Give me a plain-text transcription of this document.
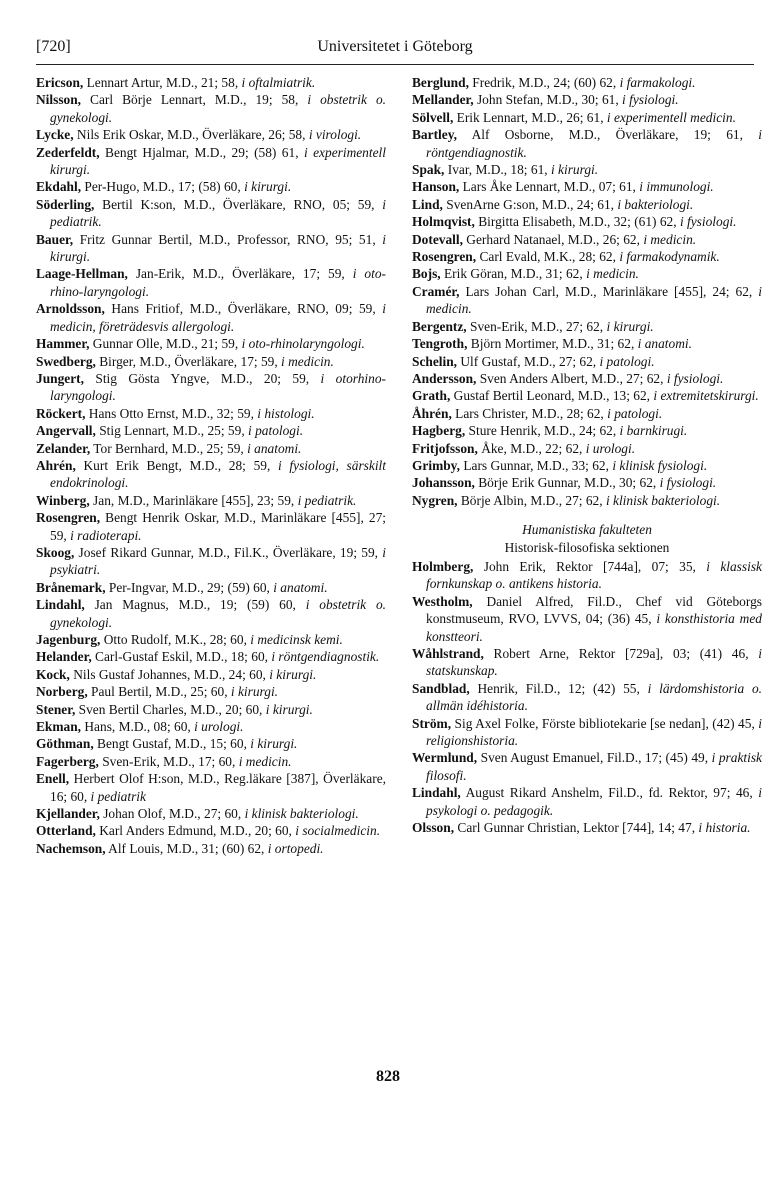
[720]	Universitetet i Göteborg

Ericson, Lennart Artur, M.D., 21; 58, i oftalmiatrik.

Nilsson, Carl Börje Lennart, M.D., 19; 58, i obstetrik o. gynekologi.

Lycke, Nils Erik Oskar, M.D., Överläkare, 26; 58, i virologi.

Zederfeldt, Bengt Hjalmar, M.D., 29; (58) 61, i experimentell kirurgi.

Ekdahl, Per-Hugo, M.D., 17; (58) 60, i kirurgi.

Söderling, Bertil K:son, M.D., Överläkare, RNO, 05; 59, i pediatrik.

Bauer, Fritz Gunnar Bertil, M.D., Professor, RNO, 95; 51, i kirurgi.

Laage-Hellman, Jan-Erik, M.D., Överläkare, 17; 59, i oto-rhino-laryngologi.

Arnoldsson, Hans Fritiof, M.D., Överläkare, RNO, 09; 59, i medicin, företrädesvis allergologi.

Hammer, Gunnar Olle, M.D., 21; 59, i oto-rhinolaryngologi.

Swedberg, Birger, M.D., Överläkare, 17; 59, i medicin.

Jungert, Stig Gösta Yngve, M.D., 20; 59, i otorhino-laryngologi.

Röckert, Hans Otto Ernst, M.D., 32; 59, i histologi.

Angervall, Stig Lennart, M.D., 25; 59, i patologi.

Zelander, Tor Bernhard, M.D., 25; 59, i anatomi.

Ahrén, Kurt Erik Bengt, M.D., 28; 59, i fysiologi, särskilt endokrinologi.

Winberg, Jan, M.D., Marinläkare [455], 23; 59, i pediatrik.

Rosengren, Bengt Henrik Oskar, M.D., Marinläkare [455], 27; 59, i radioterapi.

Skoog, Josef Rikard Gunnar, M.D., Fil.K., Överläkare, 19; 59, i psykiatri.

Brånemark, Per-Ingvar, M.D., 29; (59) 60, i anatomi.

Lindahl, Jan Magnus, M.D., 19; (59) 60, i obstetrik o. gynekologi.

Jagenburg, Otto Rudolf, M.K., 28; 60, i medicinsk kemi.

Helander, Carl-Gustaf Eskil, M.D., 18; 60, i röntgendiagnostik.

Kock, Nils Gustaf Johannes, M.D., 24; 60, i kirurgi.

Norberg, Paul Bertil, M.D., 25; 60, i kirurgi.

Stener, Sven Bertil Charles, M.D., 20; 60, i kirurgi.

Ekman, Hans, M.D., 08; 60, i urologi.

Göthman, Bengt Gustaf, M.D., 15; 60, i kirurgi.

Fagerberg, Sven-Erik, M.D., 17; 60, i medicin.

Enell, Herbert Olof H:son, M.D., Reg.läkare [387], Överläkare, 16; 60, i pediatrik

Kjellander, Johan Olof, M.D., 27; 60, i klinisk bakteriologi.

Otterland, Karl Anders Edmund, M.D., 20; 60, i socialmedicin.

Nachemson, Alf Louis, M.D., 31; (60) 62, i ortopedi.

Berglund, Fredrik, M.D., 24; (60) 62, i farmakologi.

Mellander, John Stefan, M.D., 30; 61, i fysiologi.

Sölvell, Erik Lennart, M.D., 26; 61, i experimentell medicin.

Bartley, Alf Osborne, M.D., Överläkare, 19; 61, i röntgendiagnostik.

Spak, Ivar, M.D., 18; 61, i kirurgi.

Hanson, Lars Åke Lennart, M.D., 07; 61, i immunologi.

Lind, SvenArne G:son, M.D., 24; 61, i bakteriologi.

Holmqvist, Birgitta Elisabeth, M.D., 32; (61) 62, i fysiologi.

Dotevall, Gerhard Natanael, M.D., 26; 62, i medicin.

Rosengren, Carl Evald, M.K., 28; 62, i farmakodynamik.

Bojs, Erik Göran, M.D., 31; 62, i medicin.

Cramér, Lars Johan Carl, M.D., Marinläkare [455], 24; 62, i medicin.

Bergentz, Sven-Erik, M.D., 27; 62, i kirurgi.

Tengroth, Björn Mortimer, M.D., 31; 62, i anatomi.

Schelin, Ulf Gustaf, M.D., 27; 62, i patologi.

Andersson, Sven Anders Albert, M.D., 27; 62, i fysiologi.

Grath, Gustaf Bertil Leonard, M.D., 13; 62, i extremitetskirurgi.

Åhrén, Lars Christer, M.D., 28; 62, i patologi.

Hagberg, Sture Henrik, M.D., 24; 62, i barnkirugi.

Fritjofsson, Åke, M.D., 22; 62, i urologi.

Grimby, Lars Gunnar, M.D., 33; 62, i klinisk fysiologi.

Johansson, Börje Erik Gunnar, M.D., 30; 62, i fysiologi.

Nygren, Börje Albin, M.D., 27; 62, i klinisk bakteriologi.

Humanistiska fakulteten
Historisk-filosofiska sektionen

Holmberg, John Erik, Rektor [744a], 07; 35, i klassisk fornkunskap o. antikens historia.

Westholm, Daniel Alfred, Fil.D., Chef vid Göteborgs konstmuseum, RVO, LVVS, 04; (36) 45, i konsthistoria med konstteori.

Wåhlstrand, Robert Arne, Rektor [729a], 03; (41) 46, i statskunskap.

Sandblad, Henrik, Fil.D., 12; (42) 55, i lärdomshistoria o. allmän idéhistoria.

Ström, Sig Axel Folke, Förste bibliotekarie [se nedan], (42) 45, i religionshistoria.

Wermlund, Sven August Emanuel, Fil.D., 17; (45) 49, i praktisk filosofi.

Lindahl, August Rikard Anshelm, Fil.D., fd. Rektor, 97; 46, i psykologi o. pedagogik.

Olsson, Carl Gunnar Christian, Lektor [744], 14; 47, i historia.

828
